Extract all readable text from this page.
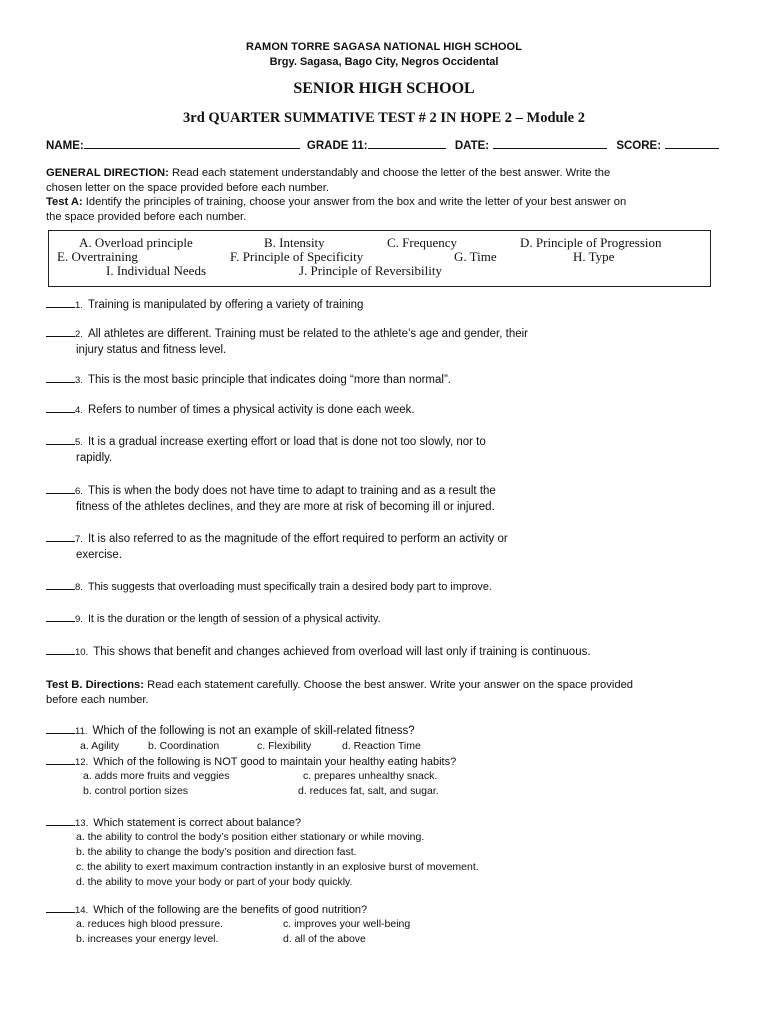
RAMON TORRE SAGASA NATIONAL HIGH SCHOOL
Brgy. Sagasa, Bago City, Negros Occidental
SENIOR HIGH SCHOOL
3rd QUARTER SUMMATIVE TEST # 2 IN HOPE 2 – Module 2
NAME:	GRADE 11:	DATE:	SCORE:
GENERAL DIRECTION: Read each statement understandably and choose the letter of the best answer. Write the
chosen letter on the space provided before each number.
Test A: Identify the principles of training, choose your answer from the box and write the letter of your best answer on
the space provided before each number.
A. Overload principle	B. Intensity	C. Frequency	D. Principle of Progression
E. Overtraining	F. Principle of Specificity	G. Time	H. Type
I. Individual Needs	J. Principle of Reversibility
1. Training is manipulated by offering a variety of training
2. All athletes are different. Training must be related to the athlete’s age and gender, their
injury status and fitness level.
3. This is the most basic principle that indicates doing “more than normal”.
4. Refers to number of times a physical activity is done each week.
5. It is a gradual increase exerting effort or load that is done not too slowly, nor to
rapidly.
6. This is when the body does not have time to adapt to training and as a result the
fitness of the athletes declines, and they are more at risk of becoming ill or injured.
7. It is also referred to as the magnitude of the effort required to perform an activity or
exercise.
8. This suggests that overloading must specifically train a desired body part to improve.
9. It is the duration or the length of session of a physical activity.
10. This shows that benefit and changes achieved from overload will last only if training is continuous.
Test B. Directions: Read each statement carefully. Choose the best answer. Write your answer on the space provided
before each number.
11. Which of the following is not an example of skill-related fitness?
a. Agility	b. Coordination	c. Flexibility	d. Reaction Time
12. Which of the following is NOT good to maintain your healthy eating habits?
a. adds more fruits and veggies	c. prepares unhealthy snack.
b. control portion sizes	d. reduces fat, salt, and sugar.
13. Which statement is correct about balance?
a. the ability to control the body’s position either stationary or while moving.
b. the ability to change the body’s position and direction fast.
c. the ability to exert maximum contraction instantly in an explosive burst of movement.
d. the ability to move your body or part of your body quickly.
14. Which of the following are the benefits of good nutrition?
a. reduces high blood pressure.	c. improves your well-being
b. increases your energy level.	d. all of the above
